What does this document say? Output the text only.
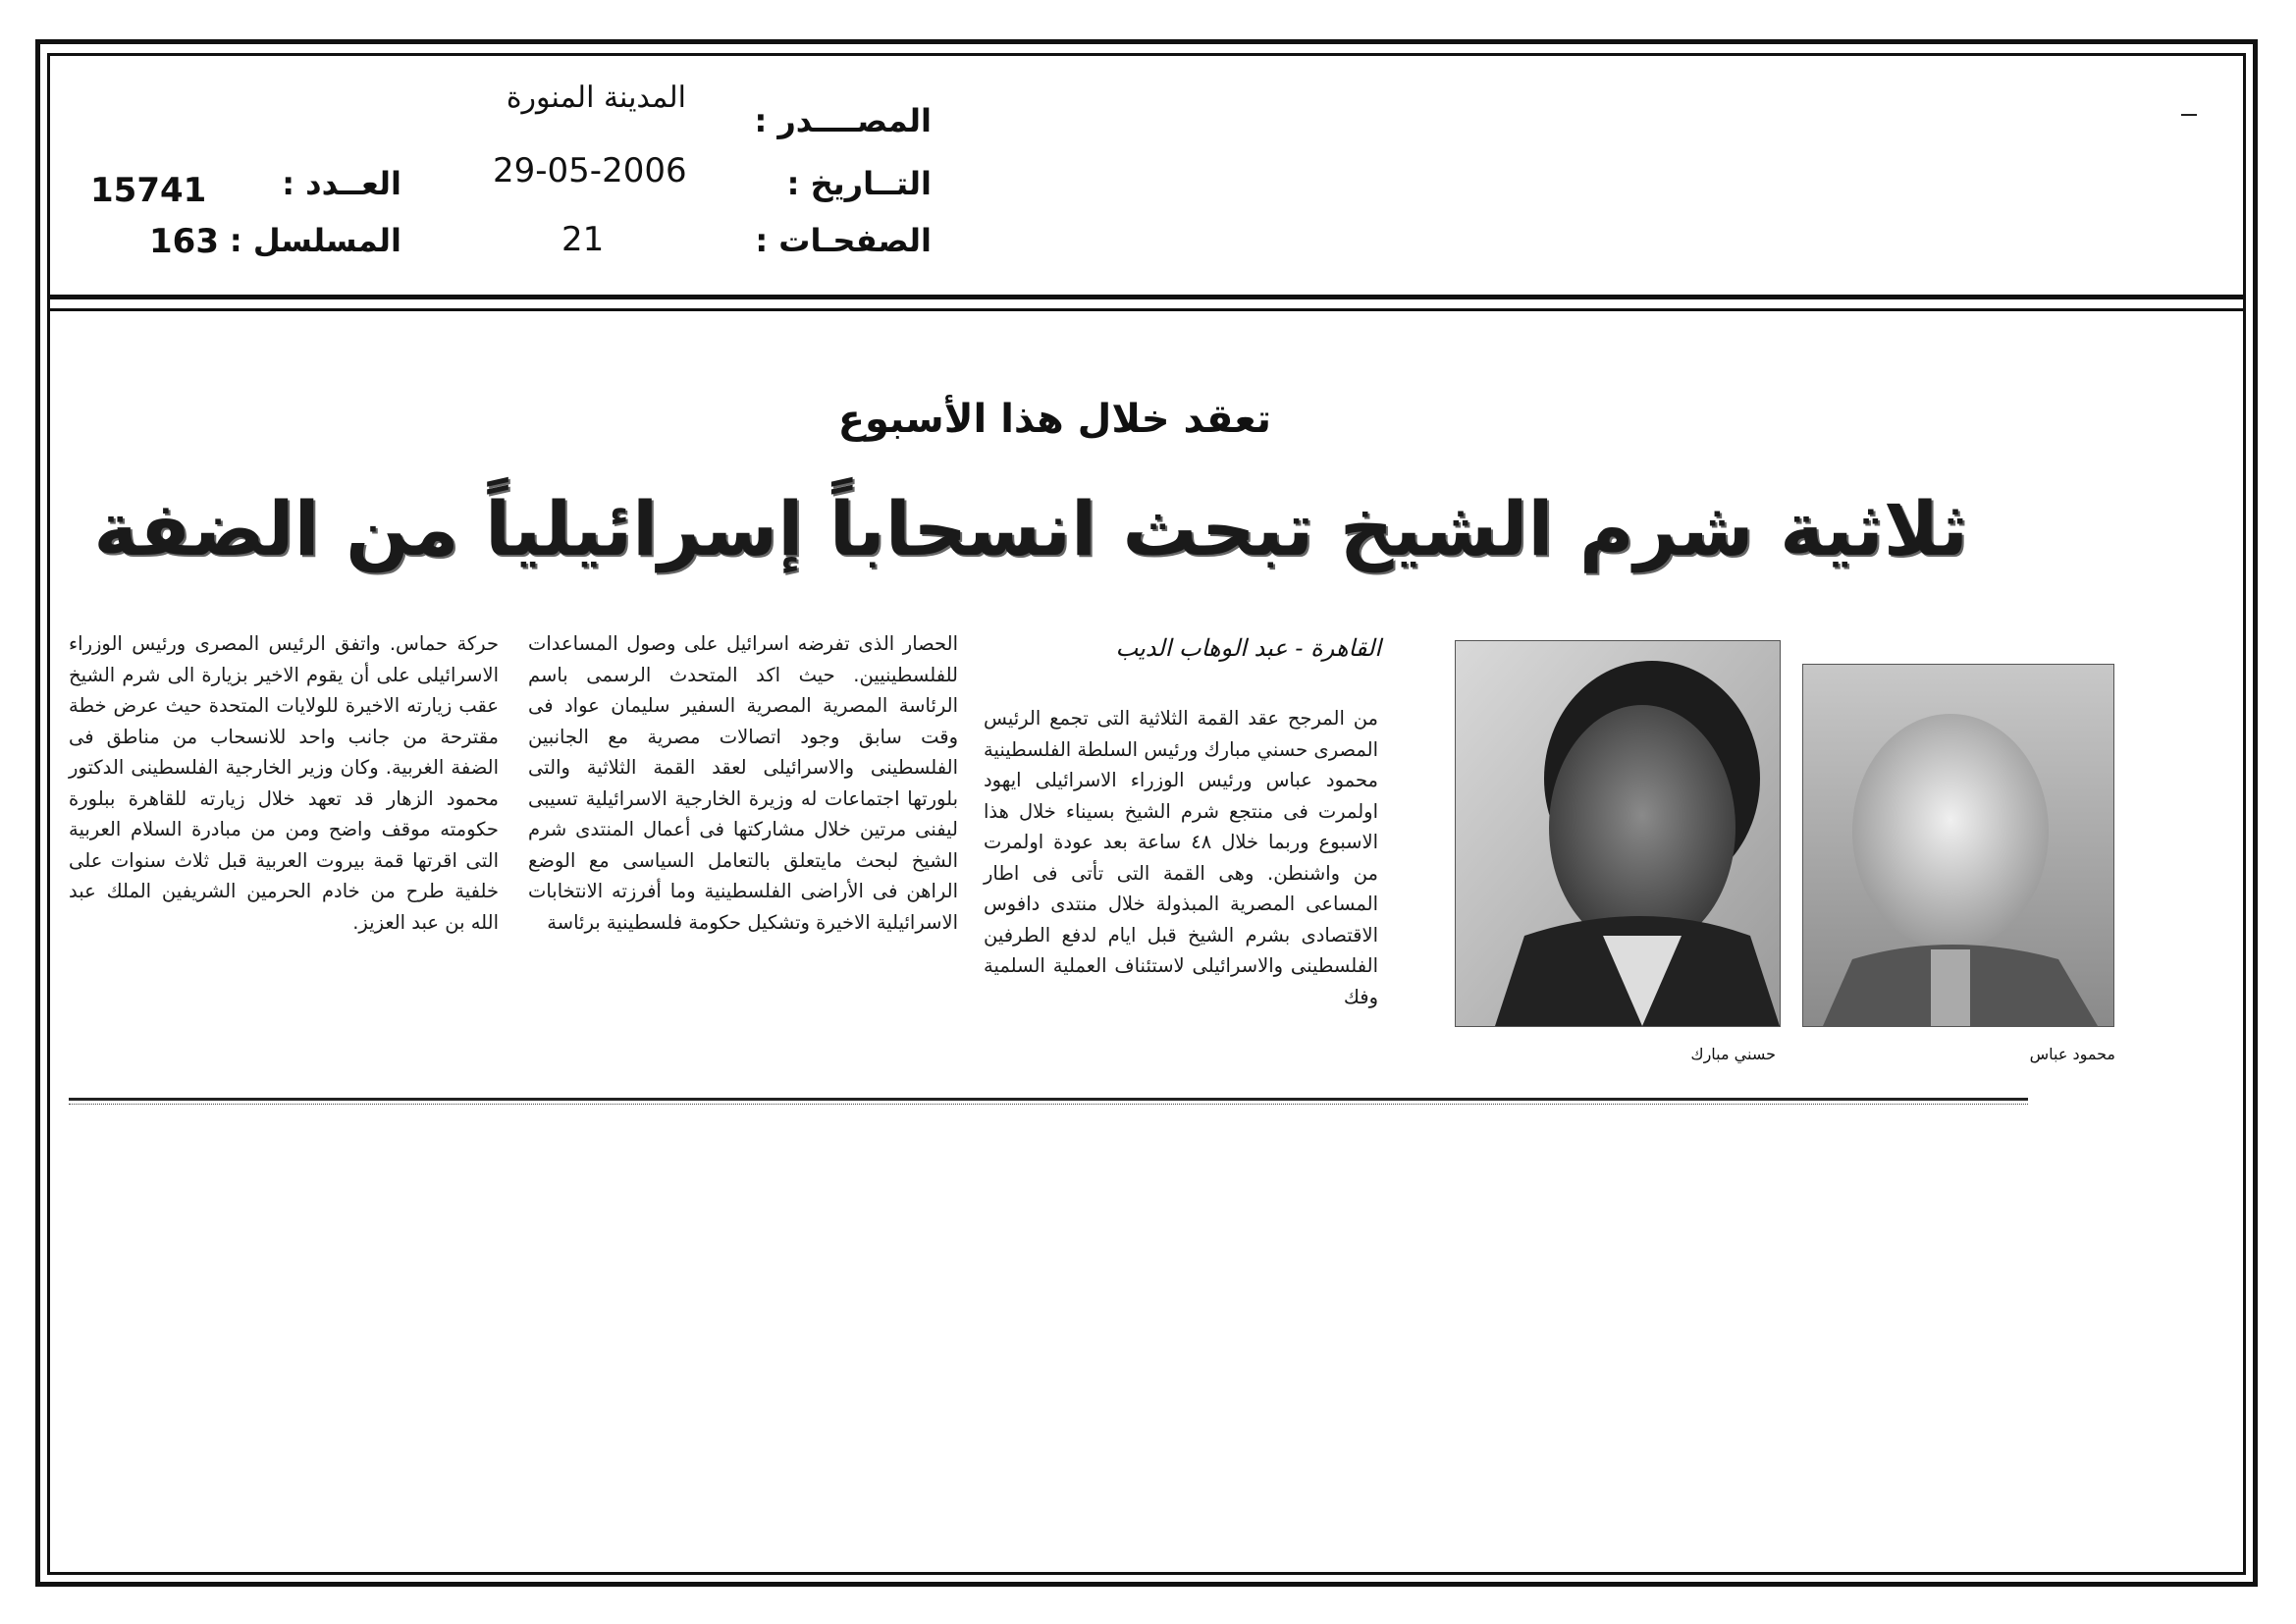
المصــــدر :
المدينة المنورة
التــاريخ :
29-05-2006
الصفحـات :
21
العــدد :
15741
المسلسل :
163
تعقد خلال هذا الأسبوع
ثلاثية شرم الشيخ تبحث انسحاباً إسرائيلياً من الضفة
القاهرة - عبد الوهاب الديب
من المرجح عقد القمة الثلاثية التى تجمع الرئيس المصرى حسني مبارك ورئيس السلطة الفلسطينية محمود عباس ورئيس الوزراء الاسرائيلى ايهود اولمرت فى منتجع شرم الشيخ بسيناء خلال هذا الاسبوع وربما خلال ٤٨ ساعة بعد عودة اولمرت من واشنطن. وهى القمة التى تأتى فى اطار المساعى المصرية المبذولة خلال منتدى دافوس الاقتصادى بشرم الشيخ قبل ايام لدفع الطرفين الفلسطينى والاسرائيلى لاستئناف العملية السلمية وفك
الحصار الذى تفرضه اسرائيل على وصول المساعدات للفلسطينيين. حيث اكد المتحدث الرسمى باسم الرئاسة المصرية المصرية السفير سليمان عواد فى وقت سابق وجود اتصالات مصرية مع الجانبين الفلسطينى والاسرائيلى لعقد القمة الثلاثية والتى بلورتها اجتماعات له وزيرة الخارجية الاسرائيلية تسيبى ليفنى مرتين خلال مشاركتها فى أعمال المنتدى شرم الشيخ لبحث مايتعلق بالتعامل السياسى مع الوضع الراهن فى الأراضى الفلسطينية وما أفرزته الانتخابات الاسرائيلية الاخيرة وتشكيل حكومة فلسطينية برئاسة
حركة حماس. واتفق الرئيس المصرى ورئيس الوزراء الاسرائيلى على أن يقوم الاخير بزيارة الى شرم الشيخ عقب زيارته الاخيرة للولايات المتحدة حيث عرض خطة مقترحة من جانب واحد للانسحاب من مناطق فى الضفة الغربية. وكان وزير الخارجية الفلسطينى الدكتور محمود الزهار قد تعهد خلال زيارته للقاهرة ببلورة حكومته موقف واضح ومن من مبادرة السلام العربية التى اقرتها قمة بيروت العربية قبل ثلاث سنوات على خلفية طرح من خادم الحرمين الشريفين الملك عبد الله بن عبد العزيز.
حسني مبارك	محمود عباس
